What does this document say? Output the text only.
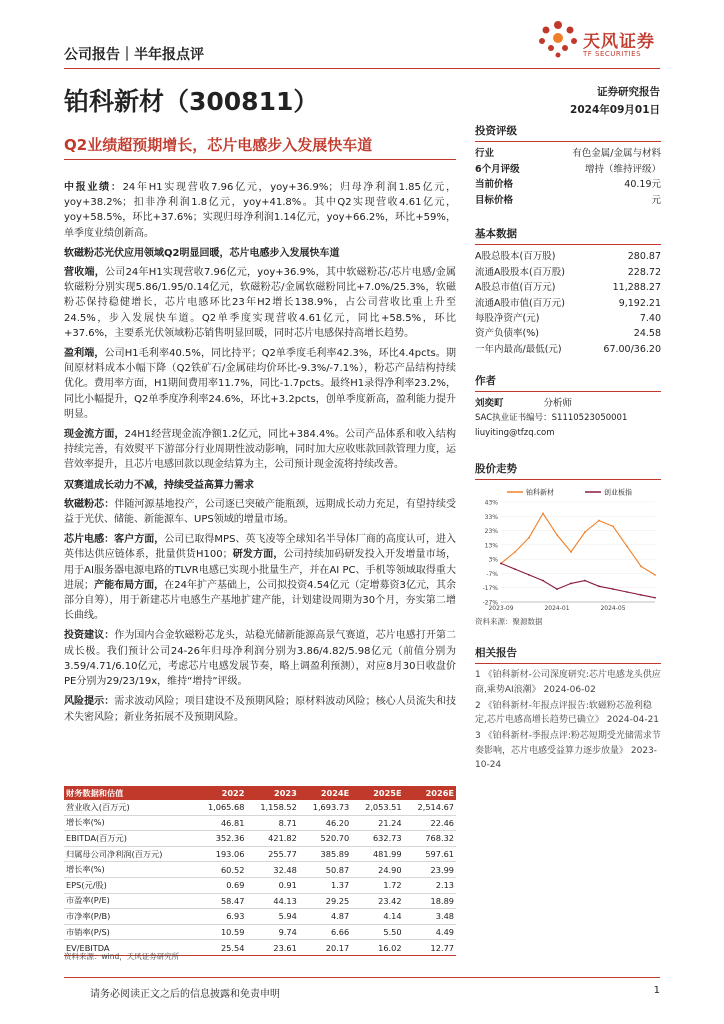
公司报告｜半年报点评
天风证券
TF SECURITIES
铂科新材（300811）	证券研究报告
2024年09月01日
Q2业绩超预期增长，芯片电感步入发展快车道

中报业绩：24年H1实现营收7.96亿元，yoy+36.9%；归母净利润1.85亿元，yoy+38.2%；扣非净利润1.8亿元，yoy+41.8%。其中Q2实现营收4.61亿元，yoy+58.5%，环比+37.6%；实现归母净利润1.14亿元，yoy+66.2%，环比+59%，单季度业绩创新高。

软磁粉芯光伏应用领域Q2明显回暖，芯片电感步入发展快车道

营收端，公司24年H1实现营收7.96亿元，yoy+36.9%，其中软磁粉芯/芯片电感/金属软磁粉分别实现5.86/1.95/0.14亿元，软磁粉芯/金属软磁粉同比+7.0%/25.3%，软磁粉芯保持稳健增长，芯片电感环比23年H2增长138.9%，占公司营收比重上升至24.5%，步入发展快车道。Q2单季度实现营收4.61亿元，同比+58.5%，环比+37.6%，主要系光伏领域粉芯销售明显回暖，同时芯片电感保持高增长趋势。

盈利端，公司H1毛利率40.5%，同比持平；Q2单季度毛利率42.3%，环比4.4pcts。期间原材料成本小幅下降（Q2铁矿石/金属硅均价环比-9.3%/-7.1%），粉芯产品结构持续优化。费用率方面，H1期间费用率11.7%，同比-1.7pcts。最终H1录得净利率23.2%，同比小幅提升，Q2单季度净利率24.6%，环比+3.2pcts，创单季度新高，盈利能力提升明显。

现金流方面，24H1经营现金流净额1.2亿元，同比+384.4%。公司产品体系和收入结构持续完善，有效熨平下游部分行业周期性波动影响，同时加大应收账款回款管理力度，运营效率提升，且芯片电感回款以现金结算为主，公司预计现金流将持续改善。

双赛道成长动力不减，持续受益高算力需求

软磁粉芯：伴随河源基地投产，公司逐已突破产能瓶颈，远期成长动力充足，有望持续受益于光伏、储能、新能源车、UPS领域的增量市场。

芯片电感：客户方面，公司已取得MPS、英飞凌等全球知名半导体厂商的高度认可，进入英伟达供应链体系，批量供货H100；研发方面，公司持续加码研发投入开发增量市场，用于AI服务器电源电路的TLVR电感已实现小批量生产，并在AI PC、手机等领域取得重大进展；产能布局方面，在24年扩产基础上，公司拟投资4.54亿元（定增募资3亿元，其余部分自筹），用于新建芯片电感生产基地扩建产能，计划建设周期为30个月，夯实第二增长曲线。

投资建议：作为国内合金软磁粉芯龙头，站稳光储新能源高景气赛道，芯片电感打开第二成长极。我们预计公司24-26年归母净利润分别为3.86/4.82/5.98亿元（前值分别为3.59/4.71/6.10亿元，考虑芯片电感发展节奏，略上调盈利预测），对应8月30日收盘价PE分别为29/23/19x，维持“增持”评级。

风险提示：需求波动风险；项目建设不及预期风险；原材料波动风险；核心人员流失和技术失密风险；新业务拓展不及预期风险。

投资评级
行业	有色金属/金属与材料
6个月评级	增持（维持评级）
当前价格	40.19元
目标价格	元
基本数据
A股总股本(百万股)	280.87
流通A股股本(百万股)	228.72
A股总市值(百万元)	11,288.27
流通A股市值(百万元)	9,192.21
每股净资产(元)	7.40
资产负债率(%)	24.58
一年内最高/最低(元)	67.00/36.20
作者
刘奕町	分析师
SAC执业证书编号：S1110523050001
liuyiting@tfzq.com
股价走势
43%
33%
23%
13%
3%
-7%
-17%
-27%
2023-09	2024-01	2024-05
铂科新材	创业板指
资料来源：聚源数据
相关报告
1 《铂科新材-公司深度研究:芯片电感龙头供应商,乘势AI浪潮》 2024-06-02
2 《铂科新材-年报点评报告:软磁粉芯盈利稳定,芯片电感高增长趋势已确立》 2024-04-21
3 《铂科新材-季报点评:粉芯短期受光储需求节奏影响，芯片电感受益算力逐步放量》 2023-10-24
财务数据和估值	2022	2023	2024E	2025E	2026E
营业收入(百万元)	1,065.68	1,158.52	1,693.73	2,053.51	2,514.67
增长率(%)	46.81	8.71	46.20	21.24	22.46
EBITDA(百万元)	352.36	421.82	520.70	632.73	768.32
归属母公司净利润(百万元)	193.06	255.77	385.89	481.99	597.61
增长率(%)	60.52	32.48	50.87	24.90	23.99
EPS(元/股)	0.69	0.91	1.37	1.72	2.13
市盈率(P/E)	58.47	44.13	29.25	23.42	18.89
市净率(P/B)	6.93	5.94	4.87	4.14	3.48
市销率(P/S)	10.59	9.74	6.66	5.50	4.49
EV/EBITDA	25.54	23.61	20.17	16.02	12.77
资料来源：wind，天风证券研究所
请务必阅读正文之后的信息披露和免责申明	1
